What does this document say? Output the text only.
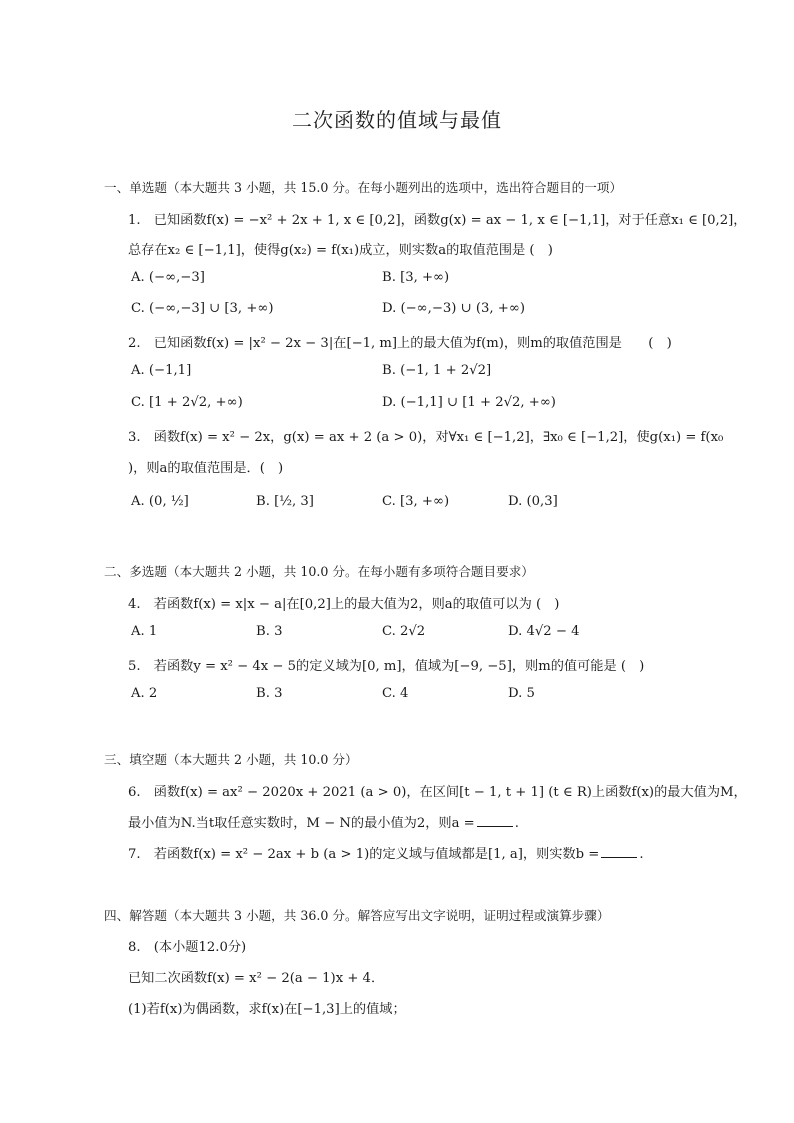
二次函数的值域与最值
一、单选题（本大题共 3 小题，共 15.0 分。在每小题列出的选项中，选出符合题目的一项）
1.　已知函数f(x) = −x² + 2x + 1, x ∈ [0,2]，函数g(x) = ax − 1, x ∈ [−1,1]，对于任意x₁ ∈ [0,2]，
总存在x₂ ∈ [−1,1]，使得g(x₂) = f(x₁)成立，则实数a的取值范围是 (　)
A. (−∞,−3]	B. [3, +∞)
C. (−∞,−3] ∪ [3, +∞)	D. (−∞,−3) ∪ (3, +∞)
2.　已知函数f(x) = |x² − 2x − 3|在[−1, m]上的最大值为f(m)，则m的取值范围是　　(　)
A. (−1,1]	B. (−1, 1 + 2√2]
C. [1 + 2√2, +∞)	D. (−1,1] ∪ [1 + 2√2, +∞)
3.　函数f(x) = x² − 2x，g(x) = ax + 2 (a > 0)，对∀x₁ ∈ [−1,2]，∃x₀ ∈ [−1,2]，使g(x₁) = f(x₀
)，则a的取值范围是．(　)
A. (0, ½]	B. [½, 3]	C. [3, +∞)	D. (0,3]
二、多选题（本大题共 2 小题，共 10.0 分。在每小题有多项符合题目要求）
4.　若函数f(x) = x|x − a|在[0,2]上的最大值为2，则a的取值可以为 (　)
A. 1	B. 3	C. 2√2	D. 4√2 − 4
5.　若函数y = x² − 4x − 5的定义域为[0, m]，值域为[−9, −5]，则m的值可能是 (　)
A. 2	B. 3	C. 4	D. 5
三、填空题（本大题共 2 小题，共 10.0 分）
6.　函数f(x) = ax² − 2020x + 2021 (a > 0)，在区间[t − 1, t + 1] (t ∈ R)上函数f(x)的最大值为M，
最小值为N.当t取任意实数时，M − N的最小值为2，则a =	.
7.　若函数f(x) = x² − 2ax + b (a > 1)的定义域与值域都是[1, a]，则实数b =	.
四、解答题（本大题共 3 小题，共 36.0 分。解答应写出文字说明，证明过程或演算步骤）
8.　(本小题12.0分)
已知二次函数f(x) = x² − 2(a − 1)x + 4．
(1)若f(x)为偶函数，求f(x)在[−1,3]上的值域；
